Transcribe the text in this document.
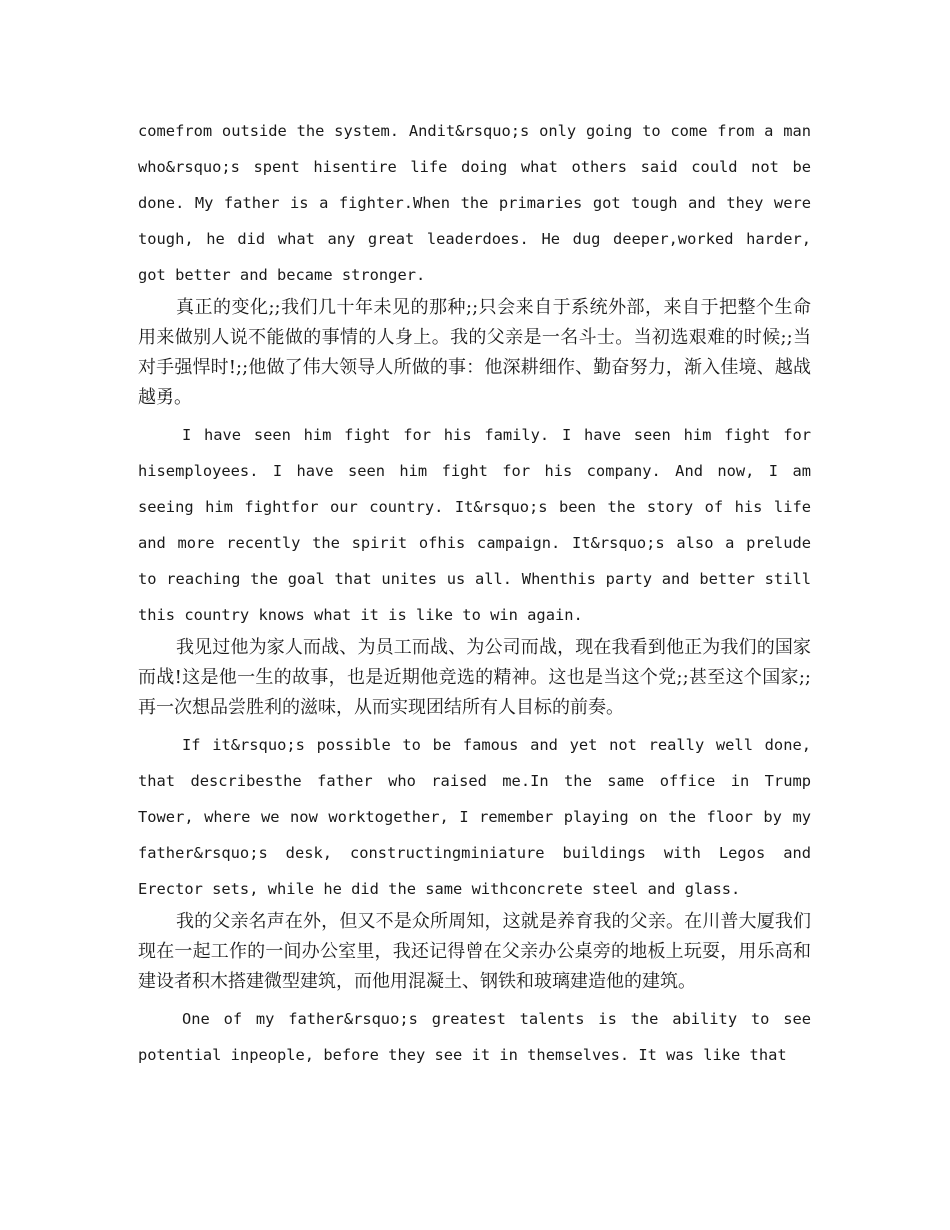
comefrom outside the system. Andit&rsquo;s only going to come from a man who&rsquo;s spent hisentire life doing what others said could not be done. My father is a fighter.When the primaries got tough and they were tough, he did what any great leaderdoes. He dug deeper,worked harder, got better and became stronger.

真正的变化;;我们几十年未见的那种;;只会来自于系统外部，来自于把整个生命用来做别人说不能做的事情的人身上。我的父亲是一名斗士。当初选艰难的时候;;当对手强悍时!;;他做了伟大领导人所做的事：他深耕细作、勤奋努力，渐入佳境、越战越勇。

I have seen him fight for his family. I have seen him fight for hisemployees. I have seen him fight for his company. And now, I am seeing him fightfor our country. It&rsquo;s been the story of his life and more recently the spirit ofhis campaign. It&rsquo;s also a prelude to reaching the goal that unites us all. Whenthis party and better still this country knows what it is like to win again.

我见过他为家人而战、为员工而战、为公司而战，现在我看到他正为我们的国家而战!这是他一生的故事，也是近期他竞选的精神。这也是当这个党;;甚至这个国家;;再一次想品尝胜利的滋味，从而实现团结所有人目标的前奏。

If it&rsquo;s possible to be famous and yet not really well done, that describesthe father who raised me.In the same office in Trump Tower, where we now worktogether, I remember playing on the floor by my father&rsquo;s desk, constructingminiature buildings with Legos and Erector sets, while he did the same withconcrete steel and glass.

我的父亲名声在外，但又不是众所周知，这就是养育我的父亲。在川普大厦我们现在一起工作的一间办公室里，我还记得曾在父亲办公桌旁的地板上玩耍，用乐高和建设者积木搭建微型建筑，而他用混凝土、钢铁和玻璃建造他的建筑。

One of my father&rsquo;s greatest talents is the ability to see potential inpeople, before they see it in themselves. It was like that
